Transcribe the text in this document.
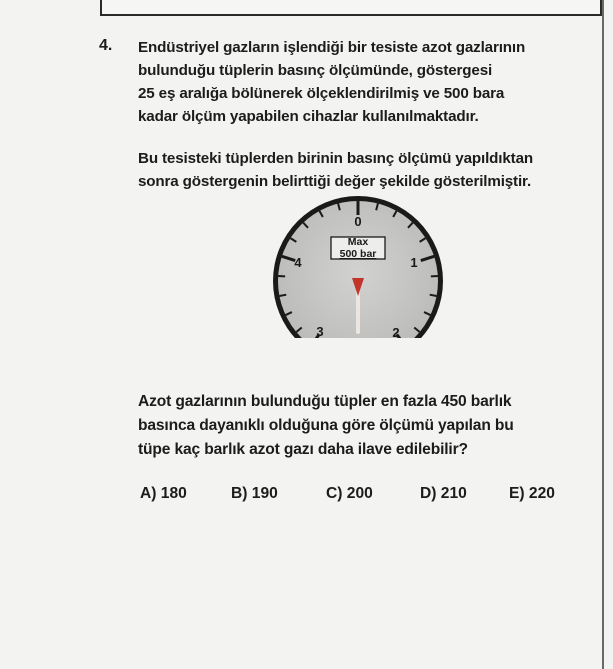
4. Endüstriyel gazların işlendiği bir tesiste azot gazlarının
bulunduğu tüplerin basınç ölçümünde, göstergesi
25 eş aralığa bölünerek ölçeklendirilmiş ve 500 bara
kadar ölçüm yapabilen cihazlar kullanılmaktadır.
Bu tesisteki tüplerden birinin basınç ölçümü yapıldıktan
sonra göstergenin belirttiği değer şekilde gösterilmiştir.
Max
500 bar
0
1
2
3
4
Azot gazlarının bulunduğu tüpler en fazla 450 barlık
basınca dayanıklı olduğuna göre ölçümü yapılan bu
tüpe kaç barlık azot gazı daha ilave edilebilir?
A) 180	B) 190	C) 200	D) 210	E) 220
